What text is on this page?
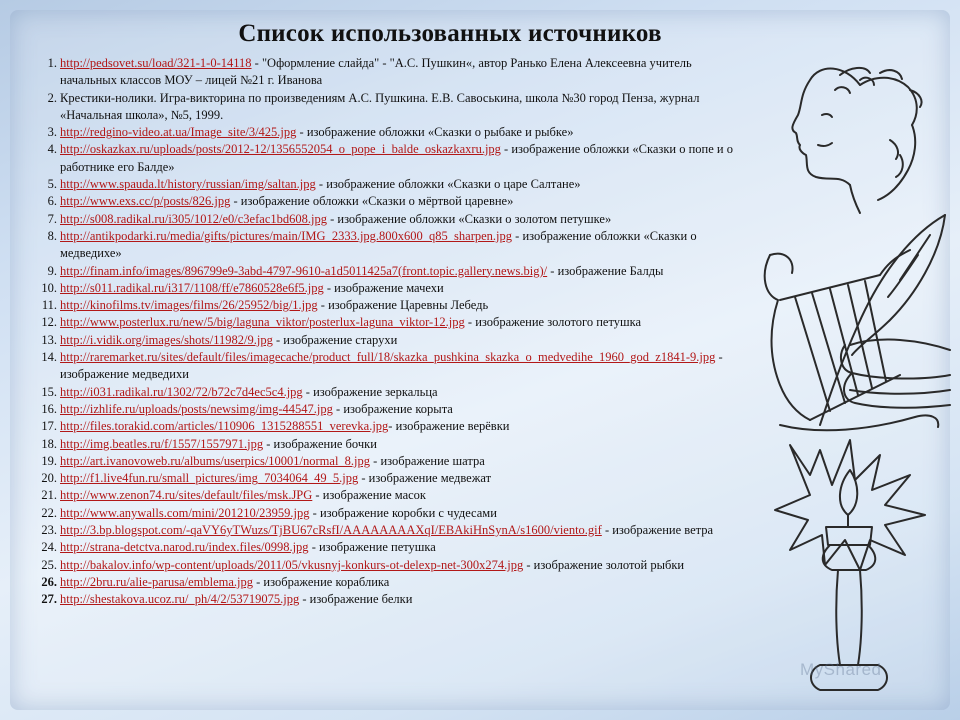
Список использованных источников
1. http://pedsovet.su/load/321-1-0-14118 - "Оформление слайда" - "А.С. Пушкин«, автор Ранько Елена Алексеевна учитель начальных классов МОУ – лицей №21 г. Иванова
2. Крестики-нолики. Игра-викторина по произведениям А.С. Пушкина. Е.В. Савоськина, школа №30 город Пенза, журнал «Начальная школа», №5, 1999.
3. http://redgino-video.at.ua/Image_site/3/425.jpg - изображение обложки «Сказки о рыбаке и рыбке»
4. http://oskazkax.ru/uploads/posts/2012-12/1356552054_o_pope_i_balde_oskazkaxru.jpg - изображение обложки «Сказки о попе и о работнике его Балде»
5. http://www.spauda.lt/history/russian/img/saltan.jpg - изображение обложки «Сказки о царе Салтане»
6. http://www.exs.cc/p/posts/826.jpg - изображение обложки «Сказки о мёртвой царевне»
7. http://s008.radikal.ru/i305/1012/e0/c3efac1bd608.jpg - изображение обложки «Сказки о золотом петушке»
8. http://antikpodarki.ru/media/gifts/pictures/main/IMG_2333.jpg.800x600_q85_sharpen.jpg - изображение обложки «Сказки о медведихе»
9. http://finam.info/images/896799e9-3abd-4797-9610-a1d5011425a7(front.topic.gallery.news.big)/ - изображение Балды
10. http://s011.radikal.ru/i317/1108/ff/e7860528e6f5.jpg - изображение мачехи
11. http://kinofilms.tv/images/films/26/25952/big/1.jpg - изображение Царевны Лебедь
12. http://www.posterlux.ru/new/5/big/laguna_viktor/posterlux-laguna_viktor-12.jpg - изображение золотого петушка
13. http://i.vidik.org/images/shots/11982/9.jpg - изображение старухи
14. http://raremarket.ru/sites/default/files/imagecache/product_full/18/skazka_pushkina_skazka_o_medvedihe_1960_god_z1841-9.jpg - изображение медведихи
15. http://i031.radikal.ru/1302/72/b72c7d4ec5c4.jpg - изображение зеркальца
16. http://izhlife.ru/uploads/posts/newsimg/img-44547.jpg - изображение корыта
17. http://files.torakid.com/articles/110906_1315288551_verevka.jpg- изображение верёвки
18. http://img.beatles.ru/f/1557/1557971.jpg - изображение бочки
19. http://art.ivanovoweb.ru/albums/userpics/10001/normal_8.jpg - изображение шатра
20. http://f1.live4fun.ru/small_pictures/img_7034064_49_5.jpg - изображение медвежат
21. http://www.zenon74.ru/sites/default/files/msk.JPG - изображение масок
22. http://www.anywalls.com/mini/201210/23959.jpg - изображение коробки с чудесами
23. http://3.bp.blogspot.com/-qaVY6yTWuzs/TjBU67cRsfI/AAAAAAAAXqI/EBAkiHnSynA/s1600/viento.gif - изображение ветра
24. http://strana-detctva.narod.ru/index.files/0998.jpg - изображение петушка
25. http://bakalov.info/wp-content/uploads/2011/05/vkusnyj-konkurs-ot-delexp-net-300x274.jpg - изображение золотой рыбки
26. http://2bru.ru/alie-parusa/emblema.jpg - изображение кораблика
27. http://shestakova.ucoz.ru/_ph/4/2/53719075.jpg - изображение белки
MyShared
